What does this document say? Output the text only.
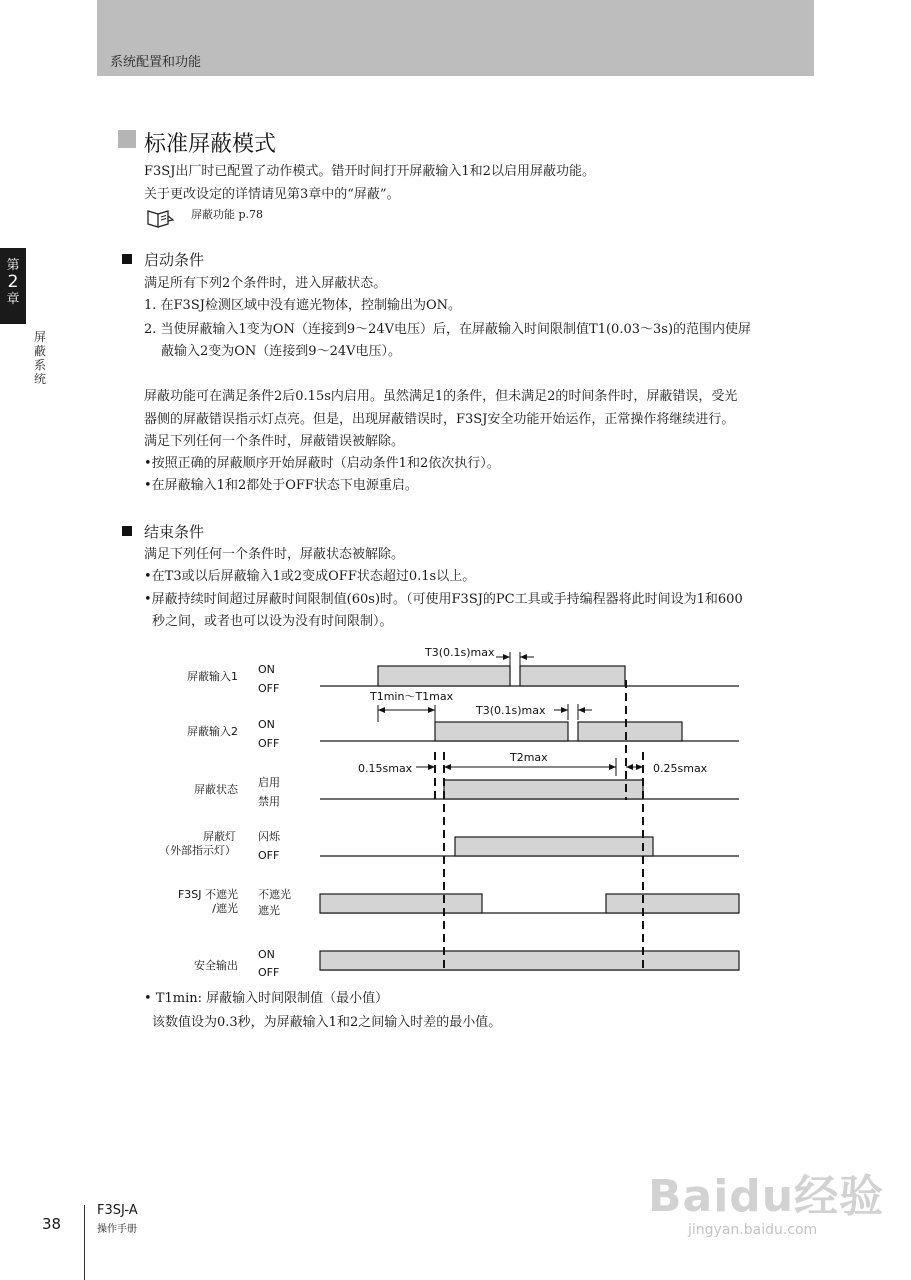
系统配置和功能
第
2
章
屏蔽系统
标准屏蔽模式
F3SJ出厂时已配置了动作模式。错开时间打开屏蔽输入1和2以启用屏蔽功能。
关于更改设定的详情请见第3章中的“屏蔽”。
屏蔽功能 p.78
启动条件
满足所有下列2个条件时，进入屏蔽状态。
1. 在F3SJ检测区域中没有遮光物体，控制输出为ON。
2. 当使屏蔽输入1变为ON（连接到9～24V电压）后，在屏蔽输入时间限制值T1(0.03～3s)的范围内使屏
蔽输入2变为ON（连接到9～24V电压）。
屏蔽功能可在满足条件2后0.15s内启用。虽然满足1的条件，但未满足2的时间条件时，屏蔽错误，受光
器侧的屏蔽错误指示灯点亮。但是，出现屏蔽错误时，F3SJ安全功能开始运作，正常操作将继续进行。
满足下列任何一个条件时，屏蔽错误被解除。
•按照正确的屏蔽顺序开始屏蔽时（启动条件1和2依次执行）。
•在屏蔽输入1和2都处于OFF状态下电源重启。
结束条件
满足下列任何一个条件时，屏蔽状态被解除。
•在T3或以后屏蔽输入1或2变成OFF状态超过0.1s以上。
•屏蔽持续时间超过屏蔽时间限制值(60s)时。（可使用F3SJ的PC工具或手持编程器将此时间设为1和600
秒之间，或者也可以设为没有时间限制）。
屏蔽输入1
ON
OFF
屏蔽输入2
ON
OFF
屏蔽状态
启用
禁用
屏蔽灯
（外部指示灯）
闪烁
OFF
F3SJ 不遮光
/遮光
不遮光
遮光
安全输出
ON
OFF
T3(0.1s)max
T1min～T1max
T3(0.1s)max
0.15smax
T2max
0.25smax
• T1min: 屏蔽输入时间限制值（最小值）
该数值设为0.3秒，为屏蔽输入1和2之间输入时差的最小值。
38
F3SJ-A
操作手册
Baidu经验
jingyan.baidu.com
